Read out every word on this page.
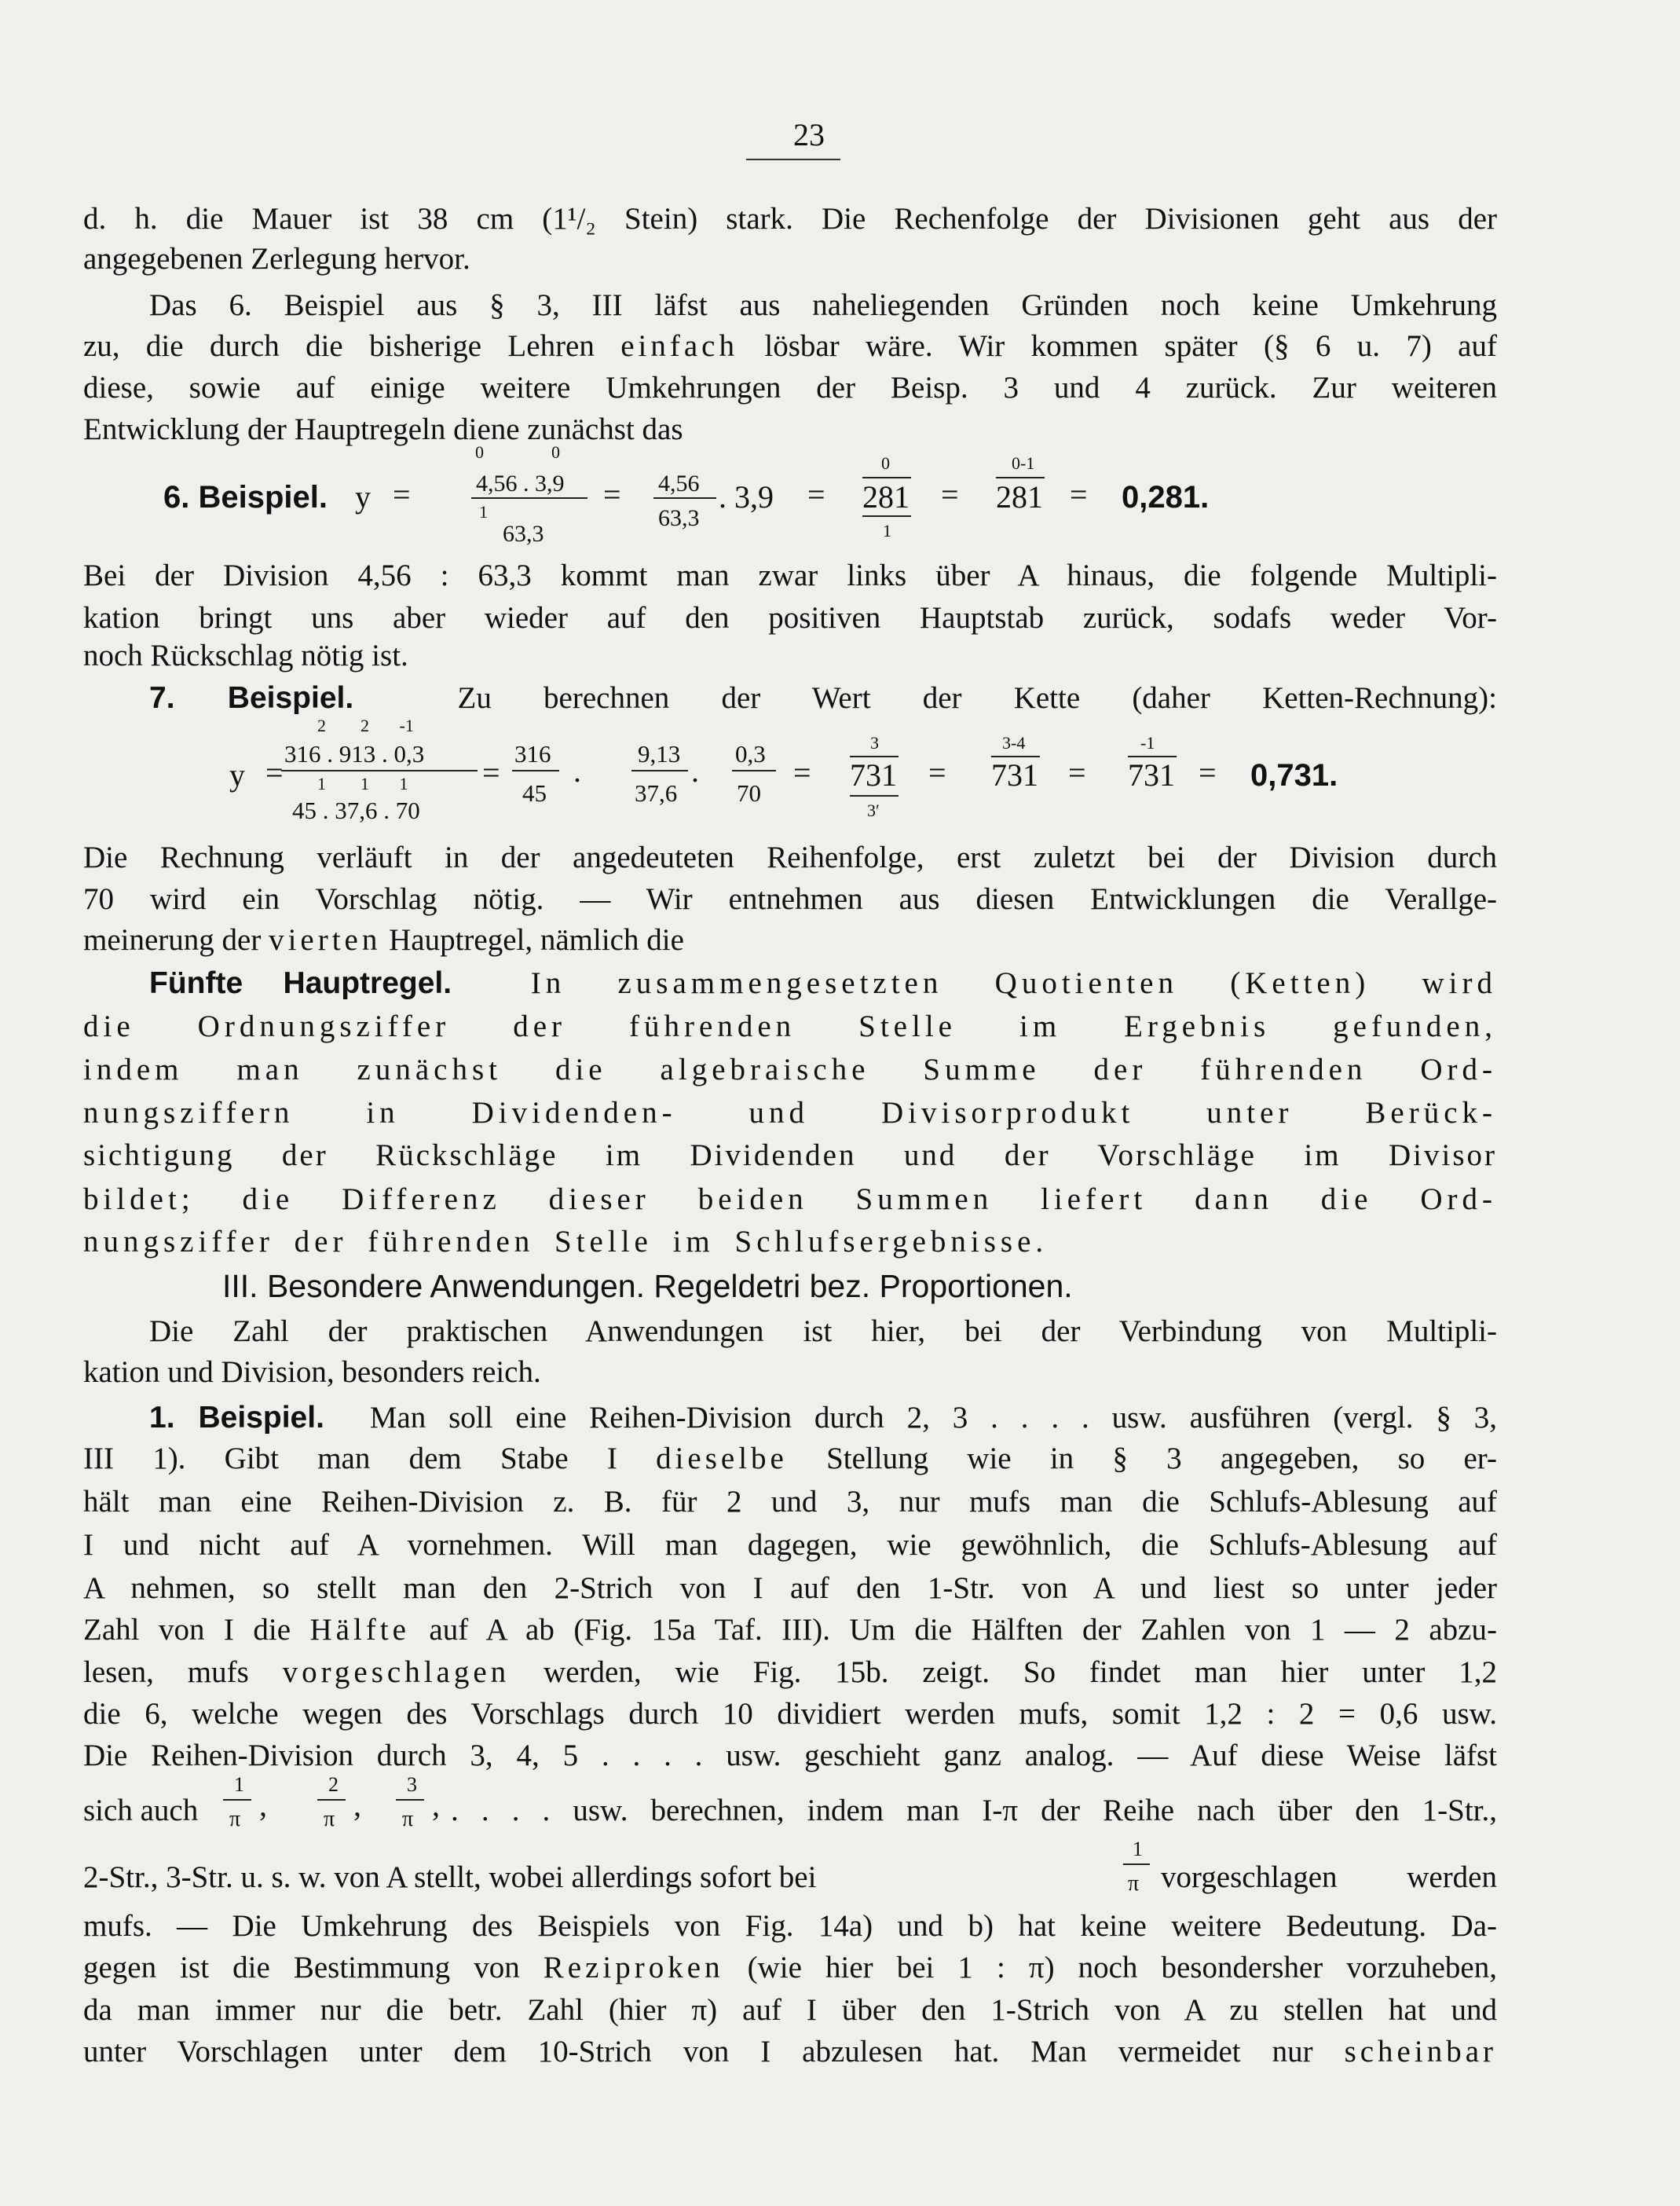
23
d. h. die Mauer ist 38 cm (1¹/₂ Stein) stark. Die Rechenfolge der Divisionen geht aus der
angegebenen Zerlegung hervor.
Das 6. Beispiel aus § 3, III läfst aus naheliegenden Gründen noch keine Umkehrung
zu, die durch die bisherige Lehren einfach lösbar wäre. Wir kommen später (§ 6 u. 7) auf
diese, sowie auf einige weitere Umkehrungen der Beisp. 3 und 4 zurück. Zur weiteren
Entwicklung der Hauptregeln diene zunächst das
6. Beispiel. y =
0	0
4,56 . 3,9
1
63,3
= 4,56
63,3
. 3,9 =
0
281
1
=
0-1
281 = 0,281.
Bei der Division 4,56 : 63,3 kommt man zwar links über A hinaus, die folgende Multipli-
kation bringt uns aber wieder auf den positiven Hauptstab zurück, sodafs weder Vor-
noch Rückschlag nötig ist.
7. Beispiel.	Zu berechnen der Wert der Kette (daher Ketten-Rechnung):
y =
2        2       -1
316 . 913 . 0,3
1        1       1
45 . 37,6 . 70
=
316
45
. 9,13
37,6
. 0,3
70
=
3
731
3′
=
3-4
731 =
-1
731 = 0,731.
Die Rechnung verläuft in der angedeuteten Reihenfolge, erst zuletzt bei der Division durch
70 wird ein Vorschlag nötig. — Wir entnehmen aus diesen Entwicklungen die Verallge-
meinerung der vierten Hauptregel, nämlich die
Fünfte Hauptregel.	In zusammengesetzten Quotienten (Ketten) wird
die Ordnungsziffer der führenden Stelle im Ergebnis gefunden,
indem man zunächst die algebraische Summe der führenden Ord-
nungsziffern in Dividenden- und Divisorprodukt unter Berück-
sichtigung der Rückschläge im Dividenden und der Vorschläge im Divisor
bildet; die Differenz dieser beiden Summen liefert dann die Ord-
nungsziffer der führenden Stelle im Schlufsergebnisse.
III. Besondere Anwendungen. Regeldetri bez. Proportionen.
Die Zahl der praktischen Anwendungen ist hier, bei der Verbindung von Multipli-
kation und Division, besonders reich.
1. Beispiel. Man soll eine Reihen-Division durch 2, 3 . . . . usw. ausführen (vergl. § 3,
III 1). Gibt man dem Stabe I dieselbe Stellung wie in § 3 angegeben, so er-
hält man eine Reihen-Division z. B. für 2 und 3, nur mufs man die Schlufs-Ablesung auf
I und nicht auf A vornehmen. Will man dagegen, wie gewöhnlich, die Schlufs-Ablesung auf
A nehmen, so stellt man den 2-Strich von I auf den 1-Str. von A und liest so unter jeder
Zahl von I die Hälfte auf A ab (Fig. 15a Taf. III). Um die Hälften der Zahlen von 1 — 2 abzu-
lesen, mufs vorgeschlagen werden, wie Fig. 15b. zeigt. So findet man hier unter 1,2
die 6, welche wegen des Vorschlags durch 10 dividiert werden mufs, somit 1,2 : 2 = 0,6 usw.
Die Reihen-Division durch 3, 4, 5 . . . . usw. geschieht ganz analog. — Auf diese Weise läfst
sich auch
1
π ,
2
π ,
3
π , . . . . usw. berechnen, indem man I-π der Reihe nach über den 1-Str.,
2-Str., 3-Str. u. s. w. von A stellt, wobei allerdings sofort bei
1
π vorgeschlagen werden
mufs. — Die Umkehrung des Beispiels von Fig. 14a) und b) hat keine weitere Bedeutung. Da-
gegen ist die Bestimmung von Reziproken (wie hier bei 1 : π) noch besondersher vorzuheben,
da man immer nur die betr. Zahl (hier π) auf I über den 1-Strich von A zu stellen hat und
unter Vorschlagen unter dem 10-Strich von I abzulesen hat. Man vermeidet nur scheinbar
